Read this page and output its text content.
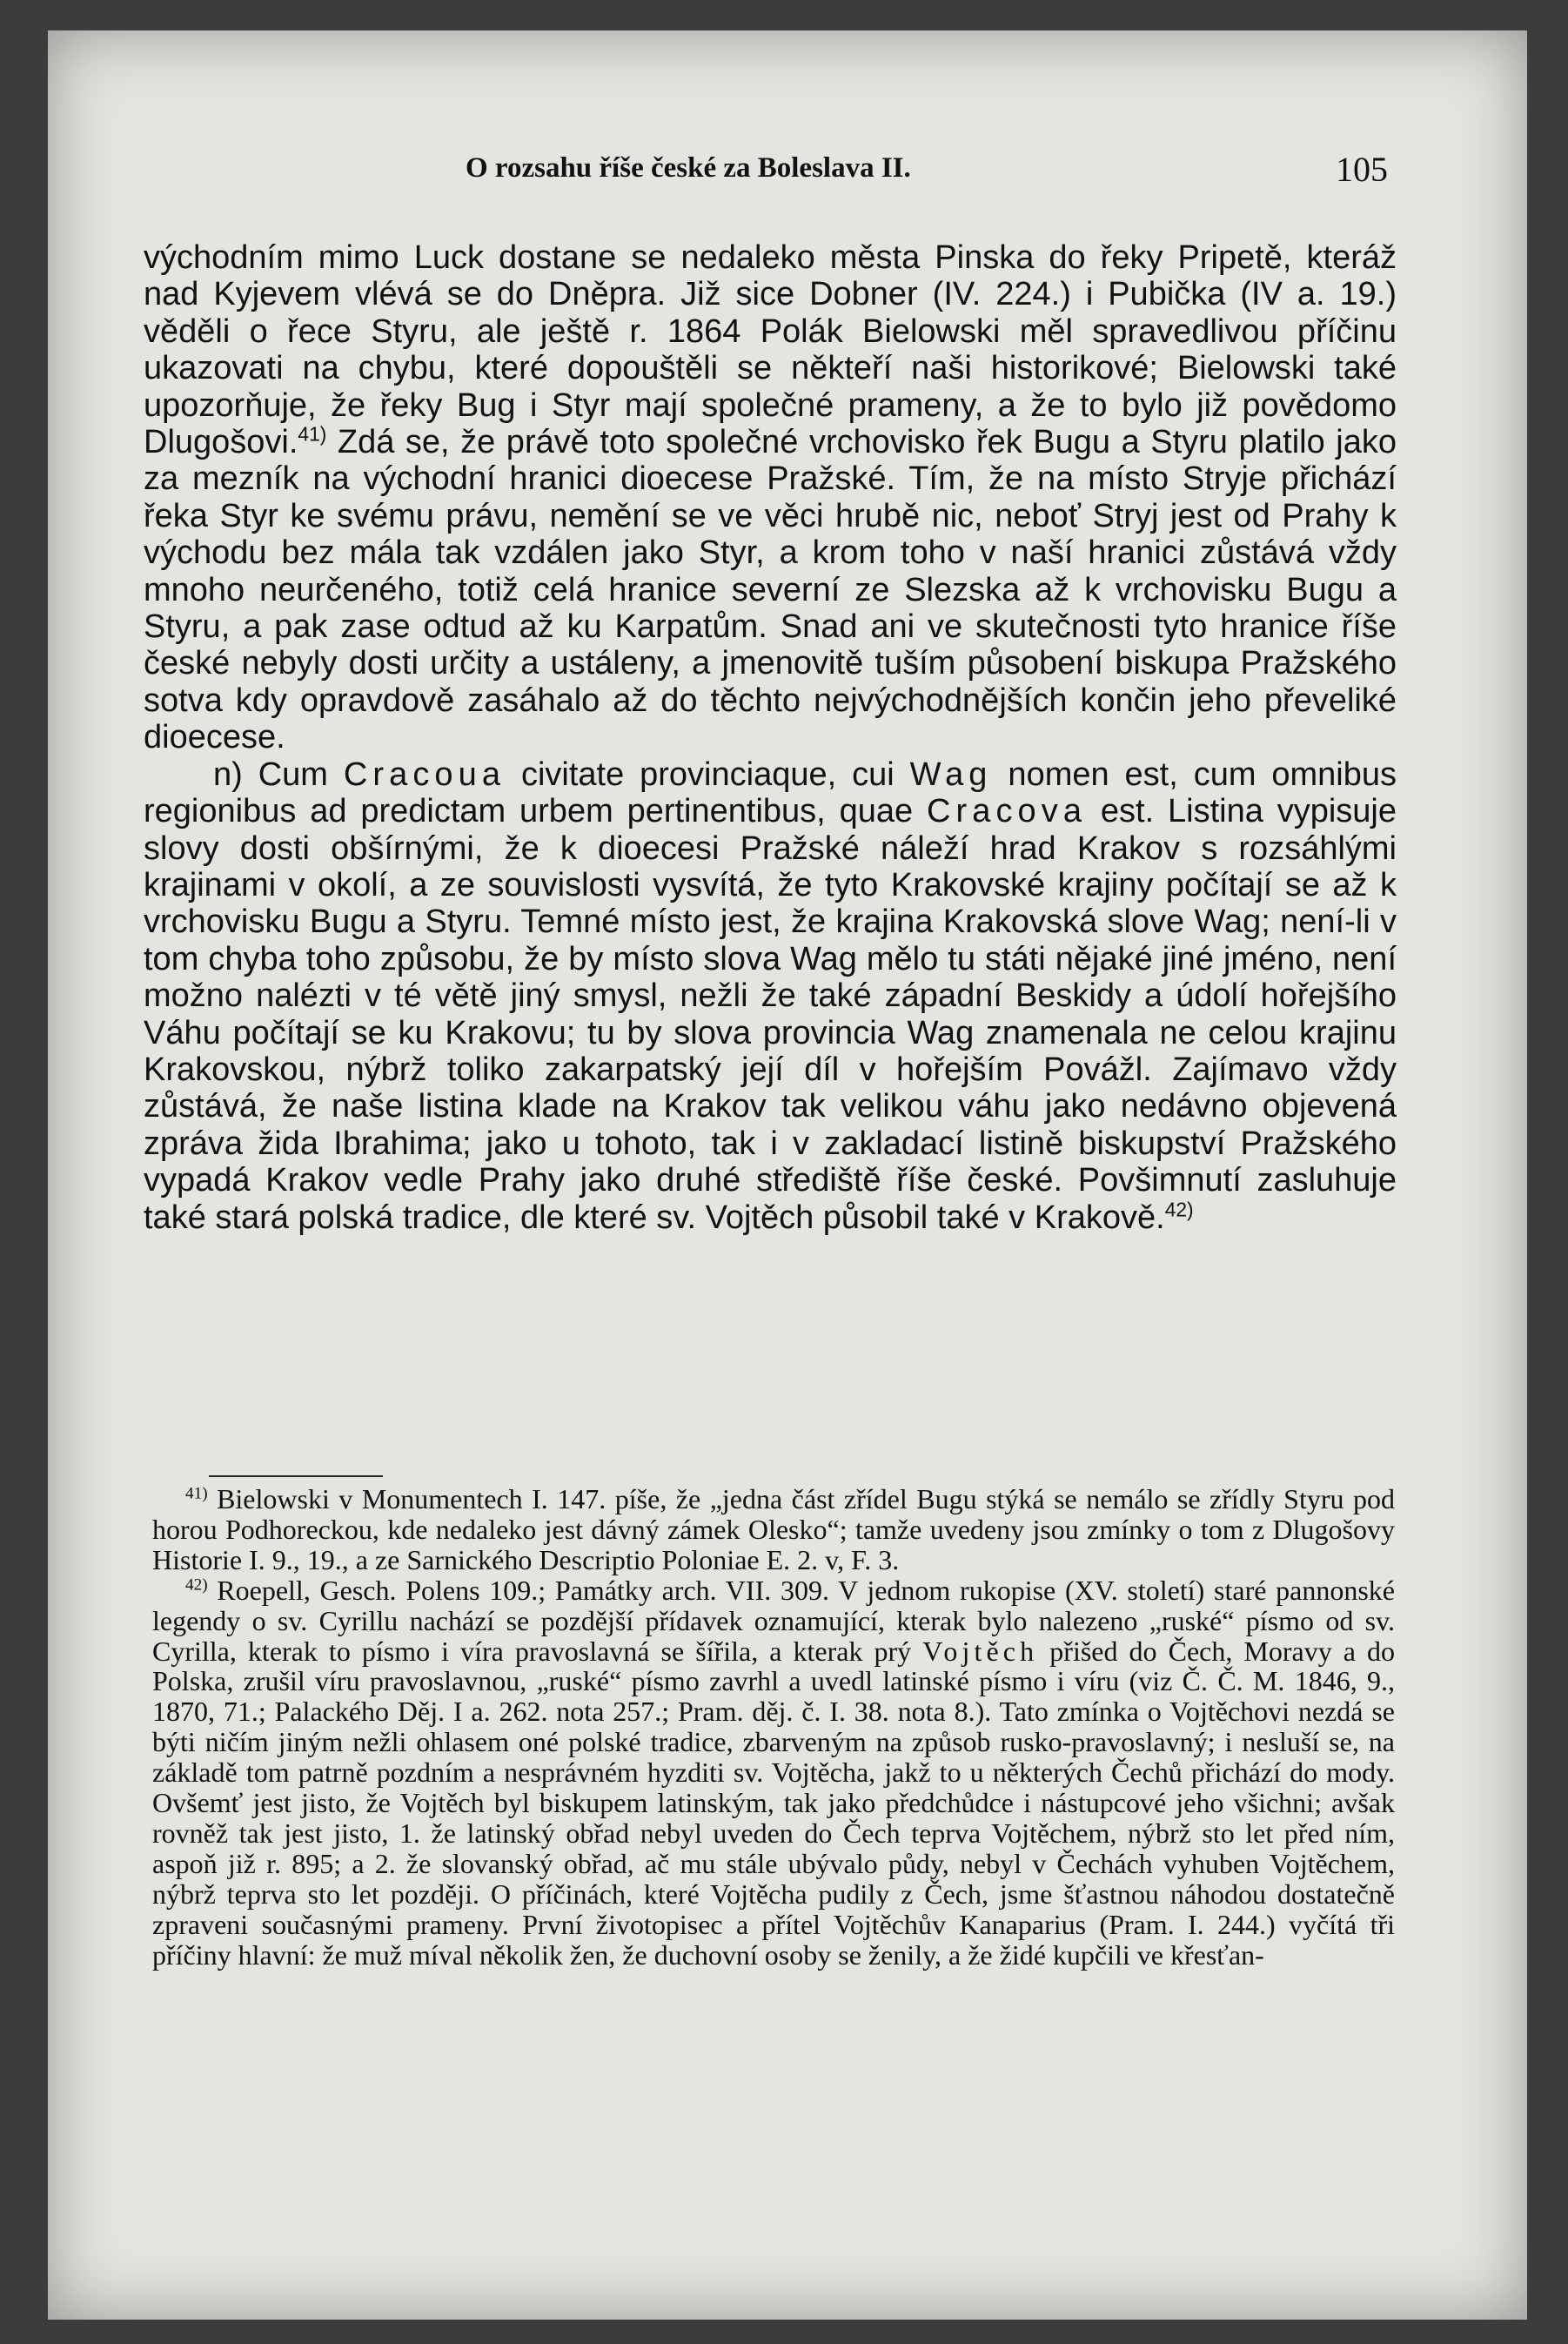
O rozsahu říše české za Boleslava II.	105

východním mimo Luck dostane se nedaleko města Pinska do řeky Pripetě, kteráž nad Kyjevem vlévá se do Dněpra. Již sice Dobner (IV. 224.) i Pubička (IV a. 19.) věděli o řece Styru, ale ještě r. 1864 Polák Bielowski měl spravedlivou příčinu ukazovati na chybu, které dopouštěli se někteří naši historikové; Bielowski také upozorňuje, že řeky Bug i Styr mají společné prameny, a že to bylo již povědomo Dlugošovi.$^{41)}$ Zdá se, že právě toto společné vrchovisko řek Bugu a Styru platilo jako za mezník na východní hranici dioecese Pražské. Tím, že na místo Stryje přichází řeka Styr ke svému právu, nemění se ve věci hrubě nic, neboť Stryj jest od Prahy k východu bez mála tak vzdálen jako Styr, a krom toho v naší hranici zůstává vždy mnoho neurčeného, totiž celá hranice severní ze Slezska až k vrchovisku Bugu a Styru, a pak zase odtud až ku Karpatům. Snad ani ve skutečnosti tyto hranice říše české nebyly dosti určity a ustáleny, a jmenovitě tuším působení biskupa Pražského sotva kdy opravdově zasáhalo až do těchto nejvýchodnějších končin jeho převeliké dioecese.

n) Cum Cracoua civitate provinciaque, cui Wag nomen est, cum omnibus regionibus ad predictam urbem pertinentibus, quae Cracova est. Listina vypisuje slovy dosti obšírnými, že k dioecesi Pražské náleží hrad Krakov s rozsáhlými krajinami v okolí, a ze souvislosti vysvítá, že tyto Krakovské krajiny počítají se až k vrchovisku Bugu a Styru. Temné místo jest, že krajina Krakovská slove Wag; není-li v tom chyba toho způsobu, že by místo slova Wag mělo tu státi nějaké jiné jméno, není možno nalézti v té větě jiný smysl, nežli že také západní Beskidy a údolí hořejšího Váhu počítají se ku Krakovu; tu by slova provincia Wag znamenala ne celou krajinu Krakovskou, nýbrž toliko zakarpatský její díl v hořejším Povážl. Zajímavo vždy zůstává, že naše listina klade na Krakov tak velikou váhu jako nedávno objevená zpráva žida Ibrahima; jako u tohoto, tak i v zakladací listině biskupství Pražského vypadá Krakov vedle Prahy jako druhé střediště říše české. Povšimnutí zasluhuje také stará polská tradice, dle které sv. Vojtěch působil také v Krakově.$^{42)}$

$^{41)}$ Bielowski v Monumentech I. 147. píše, že „jedna část zřídel Bugu stýká se nemálo se zřídly Styru pod horou Podhoreckou, kde nedaleko jest dávný zámek Olesko“; tamže uvedeny jsou zmínky o tom z Dlugošovy Historie I. 9., 19., a ze Sarnického Descriptio Poloniae E. 2. v, F. 3.

$^{42)}$ Roepell, Gesch. Polens 109.; Památky arch. VII. 309. V jednom rukopise (XV. století) staré pannonské legendy o sv. Cyrillu nachází se pozdější přídavek oznamující, kterak bylo nalezeno „ruské“ písmo od sv. Cyrilla, kterak to písmo i víra pravoslavná se šířila, a kterak prý Vojtěch přišed do Čech, Moravy a do Polska, zrušil víru pravoslavnou, „ruské“ písmo zavrhl a uvedl latinské písmo i víru (viz Č. Č. M. 1846, 9., 1870, 71.; Palackého Děj. I a. 262. nota 257.; Pram. děj. č. I. 38. nota 8.). Tato zmínka o Vojtěchovi nezdá se býti ničím jiným nežli ohlasem oné polské tradice, zbarveným na způsob rusko-pravoslavný; i nesluší se, na základě tom patrně pozdním a nesprávném hyzditi sv. Vojtěcha, jakž to u některých Čechů přichází do mody. Ovšemť jest jisto, že Vojtěch byl biskupem latinským, tak jako předchůdce i nástupcové jeho všichni; avšak rovněž tak jest jisto, 1. že latinský obřad nebyl uveden do Čech teprva Vojtěchem, nýbrž sto let před ním, aspoň již r. 895; a 2. že slovanský obřad, ač mu stále ubývalo půdy, nebyl v Čechách vyhuben Vojtěchem, nýbrž teprva sto let později. O příčinách, které Vojtěcha pudily z Čech, jsme šťastnou náhodou dostatečně zpraveni současnými prameny. První životopisec a přítel Vojtěchův Kanaparius (Pram. I. 244.) vyčítá tři příčiny hlavní: že muž míval několik žen, že duchovní osoby se ženily, a že židé kupčili ve křesťan-
